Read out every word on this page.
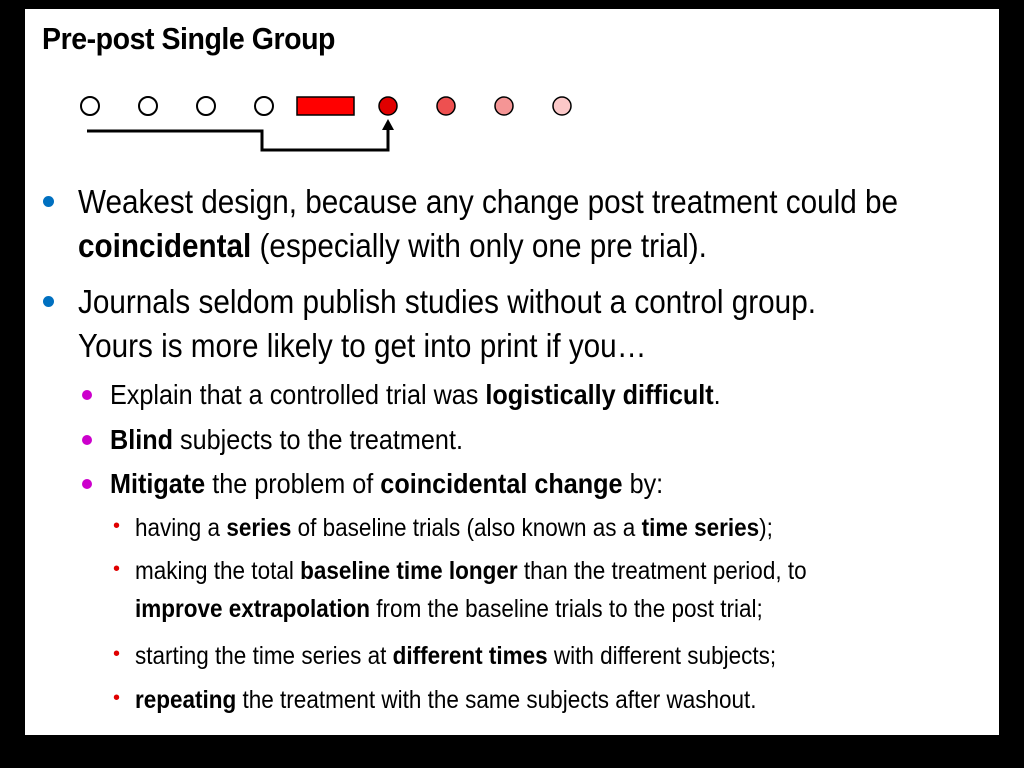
Pre-post Single Group
Weakest design, because any change post treatment could be
coincidental (especially with only one pre trial).
Journals seldom publish studies without a control group.
Yours is more likely to get into print if you…
Explain that a controlled trial was logistically difficult.
Blind subjects to the treatment.
Mitigate the problem of coincidental change by:
• having a series of baseline trials (also known as a time series);
• making the total baseline time longer than the treatment period, to
improve extrapolation from the baseline trials to the post trial;
• starting the time series at different times with different subjects;
• repeating the treatment with the same subjects after washout.
